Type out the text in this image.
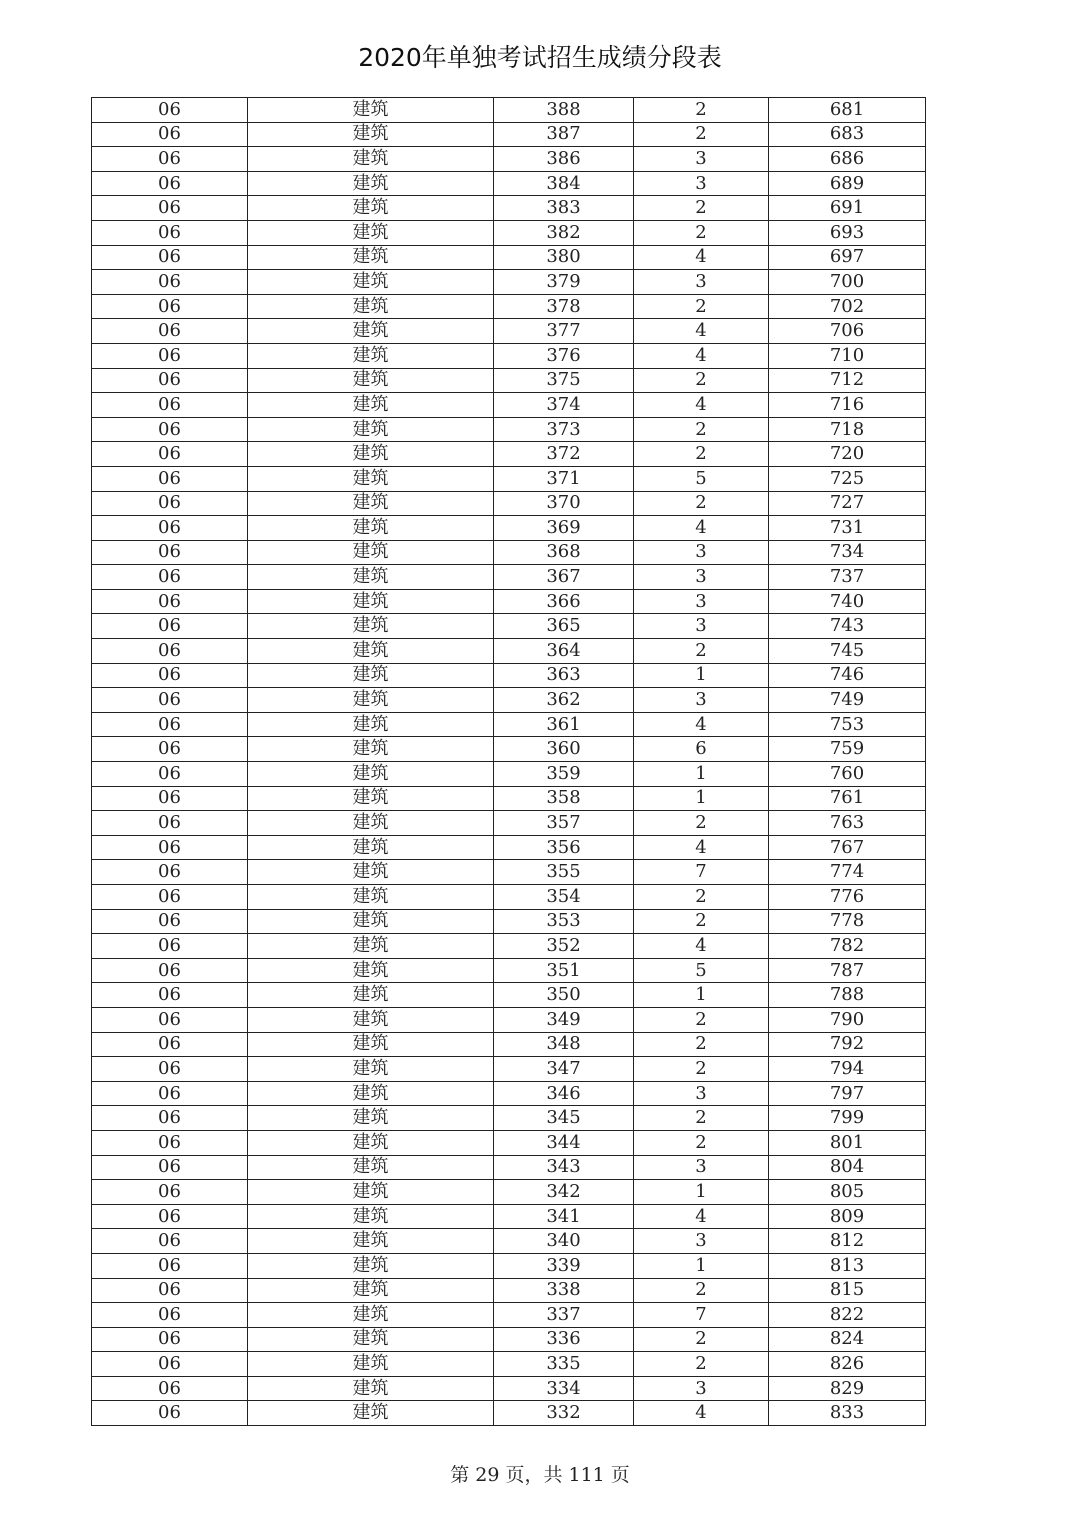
2020年单独考试招生成绩分段表
06	建筑	388	2	681
06	建筑	387	2	683
06	建筑	386	3	686
06	建筑	384	3	689
06	建筑	383	2	691
06	建筑	382	2	693
06	建筑	380	4	697
06	建筑	379	3	700
06	建筑	378	2	702
06	建筑	377	4	706
06	建筑	376	4	710
06	建筑	375	2	712
06	建筑	374	4	716
06	建筑	373	2	718
06	建筑	372	2	720
06	建筑	371	5	725
06	建筑	370	2	727
06	建筑	369	4	731
06	建筑	368	3	734
06	建筑	367	3	737
06	建筑	366	3	740
06	建筑	365	3	743
06	建筑	364	2	745
06	建筑	363	1	746
06	建筑	362	3	749
06	建筑	361	4	753
06	建筑	360	6	759
06	建筑	359	1	760
06	建筑	358	1	761
06	建筑	357	2	763
06	建筑	356	4	767
06	建筑	355	7	774
06	建筑	354	2	776
06	建筑	353	2	778
06	建筑	352	4	782
06	建筑	351	5	787
06	建筑	350	1	788
06	建筑	349	2	790
06	建筑	348	2	792
06	建筑	347	2	794
06	建筑	346	3	797
06	建筑	345	2	799
06	建筑	344	2	801
06	建筑	343	3	804
06	建筑	342	1	805
06	建筑	341	4	809
06	建筑	340	3	812
06	建筑	339	1	813
06	建筑	338	2	815
06	建筑	337	7	822
06	建筑	336	2	824
06	建筑	335	2	826
06	建筑	334	3	829
06	建筑	332	4	833
第 29 页，共 111 页
